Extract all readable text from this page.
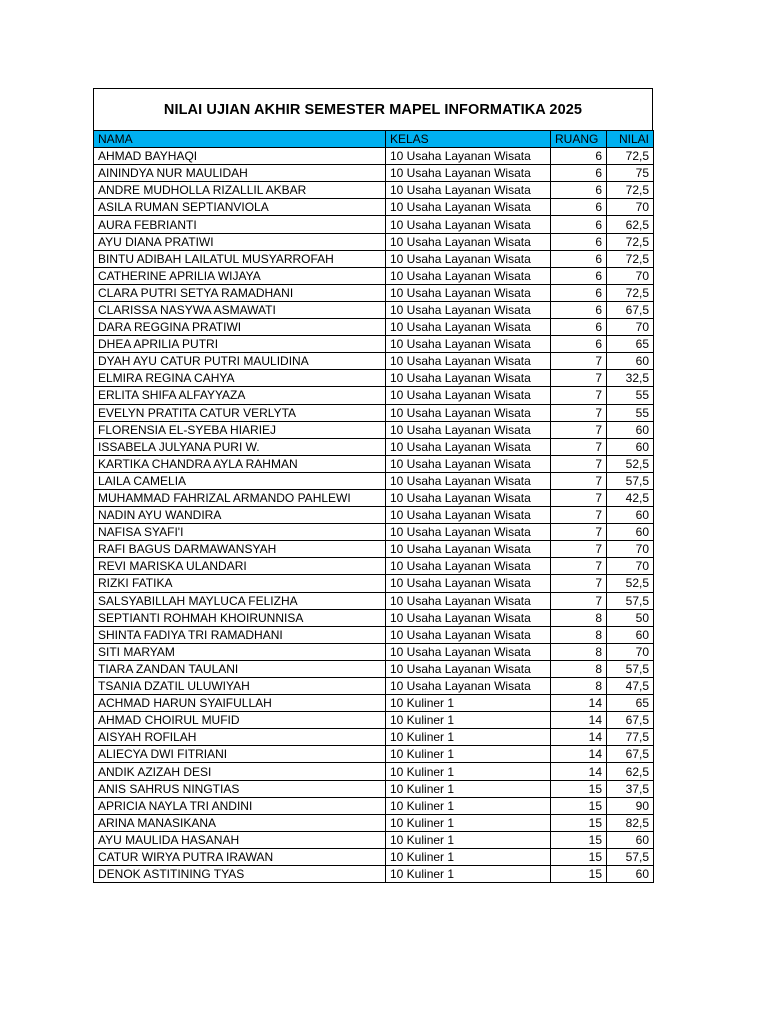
NILAI UJIAN AKHIR SEMESTER MAPEL INFORMATIKA 2025
NAMA	KELAS	RUANG	NILAI
AHMAD BAYHAQI	10 Usaha Layanan Wisata	6	72,5
AININDYA NUR MAULIDAH	10 Usaha Layanan Wisata	6	75
ANDRE MUDHOLLA RIZALLIL AKBAR	10 Usaha Layanan Wisata	6	72,5
ASILA RUMAN SEPTIANVIOLA	10 Usaha Layanan Wisata	6	70
AURA FEBRIANTI	10 Usaha Layanan Wisata	6	62,5
AYU DIANA PRATIWI	10 Usaha Layanan Wisata	6	72,5
BINTU ADIBAH LAILATUL MUSYARROFAH	10 Usaha Layanan Wisata	6	72,5
CATHERINE APRILIA WIJAYA	10 Usaha Layanan Wisata	6	70
CLARA PUTRI SETYA RAMADHANI	10 Usaha Layanan Wisata	6	72,5
CLARISSA NASYWA ASMAWATI	10 Usaha Layanan Wisata	6	67,5
DARA REGGINA PRATIWI	10 Usaha Layanan Wisata	6	70
DHEA APRILIA PUTRI	10 Usaha Layanan Wisata	6	65
DYAH AYU CATUR PUTRI MAULIDINA	10 Usaha Layanan Wisata	7	60
ELMIRA REGINA CAHYA	10 Usaha Layanan Wisata	7	32,5
ERLITA SHIFA ALFAYYAZA	10 Usaha Layanan Wisata	7	55
EVELYN PRATITA CATUR VERLYTA	10 Usaha Layanan Wisata	7	55
FLORENSIA EL-SYEBA HIARIEJ	10 Usaha Layanan Wisata	7	60
ISSABELA JULYANA PURI W.	10 Usaha Layanan Wisata	7	60
KARTIKA CHANDRA AYLA RAHMAN	10 Usaha Layanan Wisata	7	52,5
LAILA CAMELIA	10 Usaha Layanan Wisata	7	57,5
MUHAMMAD FAHRIZAL ARMANDO PAHLEWI	10 Usaha Layanan Wisata	7	42,5
NADIN AYU WANDIRA	10 Usaha Layanan Wisata	7	60
NAFISA SYAFI'I	10 Usaha Layanan Wisata	7	60
RAFI BAGUS DARMAWANSYAH	10 Usaha Layanan Wisata	7	70
REVI MARISKA ULANDARI	10 Usaha Layanan Wisata	7	70
RIZKI FATIKA	10 Usaha Layanan Wisata	7	52,5
SALSYABILLAH MAYLUCA FELIZHA	10 Usaha Layanan Wisata	7	57,5
SEPTIANTI ROHMAH KHOIRUNNISA	10 Usaha Layanan Wisata	8	50
SHINTA FADIYA TRI RAMADHANI	10 Usaha Layanan Wisata	8	60
SITI MARYAM	10 Usaha Layanan Wisata	8	70
TIARA ZANDAN TAULANI	10 Usaha Layanan Wisata	8	57,5
TSANIA DZATIL ULUWIYAH	10 Usaha Layanan Wisata	8	47,5
ACHMAD HARUN SYAIFULLAH	10 Kuliner 1	14	65
AHMAD CHOIRUL MUFID	10 Kuliner 1	14	67,5
AISYAH ROFILAH	10 Kuliner 1	14	77,5
ALIECYA DWI FITRIANI	10 Kuliner 1	14	67,5
ANDIK AZIZAH DESI	10 Kuliner 1	14	62,5
ANIS SAHRUS NINGTIAS	10 Kuliner 1	15	37,5
APRICIA NAYLA TRI ANDINI	10 Kuliner 1	15	90
ARINA MANASIKANA	10 Kuliner 1	15	82,5
AYU MAULIDA HASANAH	10 Kuliner 1	15	60
CATUR WIRYA PUTRA IRAWAN	10 Kuliner 1	15	57,5
DENOK ASTITINING TYAS	10 Kuliner 1	15	60
